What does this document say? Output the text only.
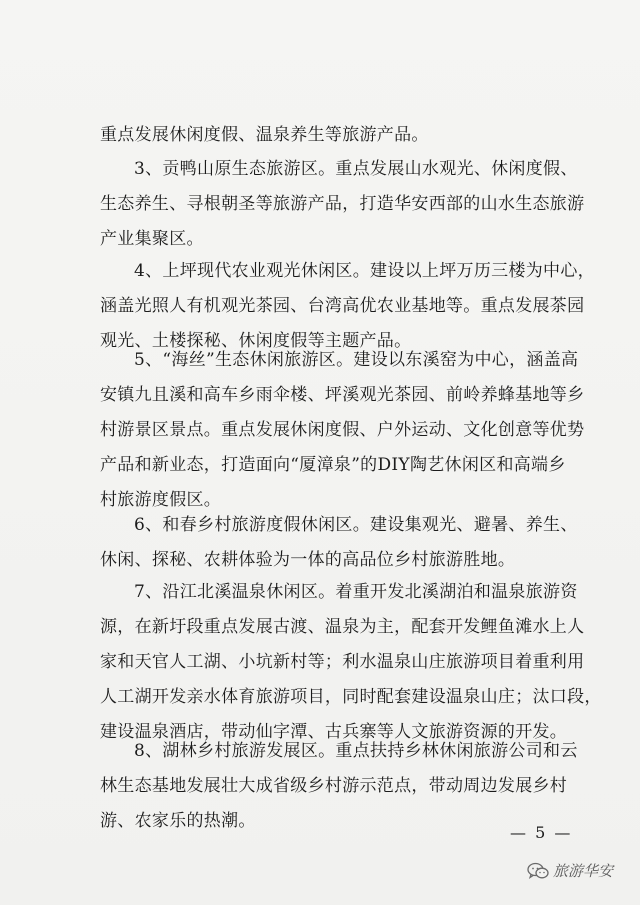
重点发展休闲度假、温泉养生等旅游产品。

3、贡鸭山原生态旅游区。重点发展山水观光、休闲度假、
生态养生、寻根朝圣等旅游产品，打造华安西部的山水生态旅游
产业集聚区。

4、上坪现代农业观光休闲区。建设以上坪万历三楼为中心，
涵盖光照人有机观光茶园、台湾高优农业基地等。重点发展茶园
观光、土楼探秘、休闲度假等主题产品。

5、“海丝”生态休闲旅游区。建设以东溪窑为中心，涵盖高
安镇九且溪和高车乡雨伞楼、坪溪观光茶园、前岭养蜂基地等乡
村游景区景点。重点发展休闲度假、户外运动、文化创意等优势
产品和新业态，打造面向“厦漳泉”的DIY陶艺休闲区和高端乡
村旅游度假区。

6、和春乡村旅游度假休闲区。建设集观光、避暑、养生、
休闲、探秘、农耕体验为一体的高品位乡村旅游胜地。

7、沿江北溪温泉休闲区。着重开发北溪湖泊和温泉旅游资
源，在新圩段重点发展古渡、温泉为主，配套开发鲤鱼滩水上人
家和天官人工湖、小坑新村等；利水温泉山庄旅游项目着重利用
人工湖开发亲水体育旅游项目，同时配套建设温泉山庄；汰口段，
建设温泉酒店，带动仙字潭、古兵寨等人文旅游资源的开发。

8、湖林乡村旅游发展区。重点扶持乡林休闲旅游公司和云
林生态基地发展壮大成省级乡村游示范点，带动周边发展乡村
游、农家乐的热潮。

— 5 —
旅游华安
